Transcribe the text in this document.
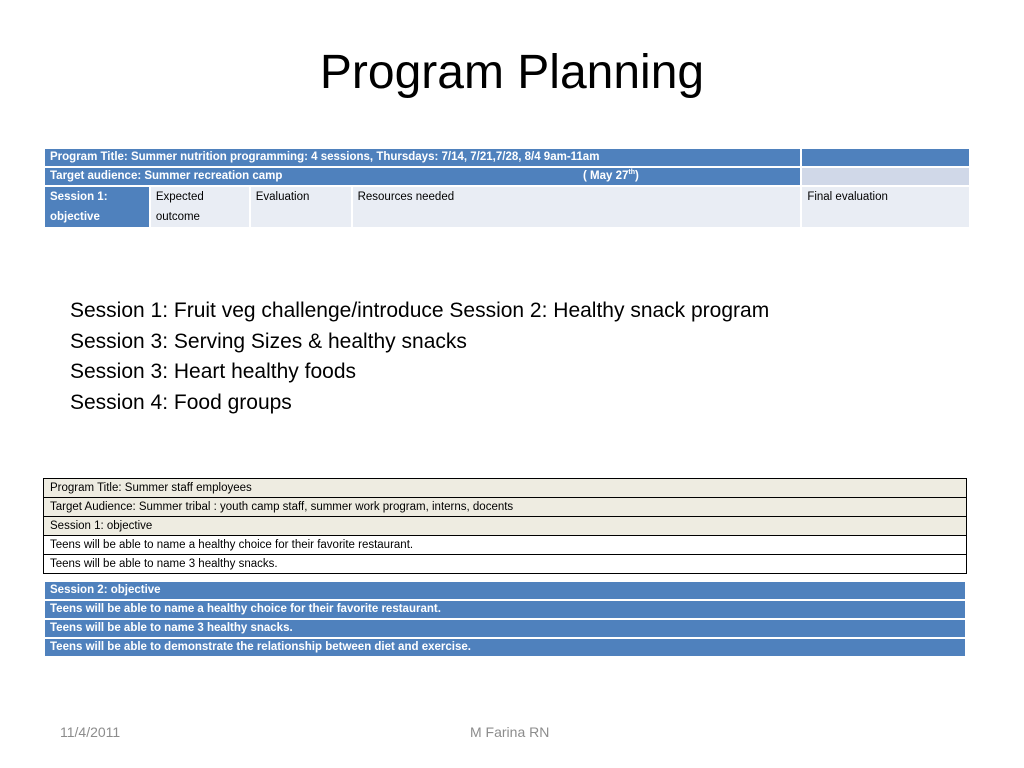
Program Planning
Program Title: Summer nutrition programming: 4 sessions, Thursdays: 7/14, 7/21,7/28, 8/4 9am-11am				
Target audience: Summer recreation camp ( May 27th)				

Session 1: objective	Expected outcome	Evaluation	Resources needed	Final evaluation
Session 1: Fruit veg challenge/introduce Session 2: Healthy snack program
Session 3: Serving Sizes & healthy snacks
Session 3: Heart healthy foods
Session 4: Food groups
Program Title: Summer staff employees
Target Audience: Summer tribal : youth camp staff, summer work program, interns, docents
Session 1: objective
Teens will be able to name a healthy choice for their favorite restaurant.
Teens will be able to name 3 healthy snacks.
Session 2: objective
Teens will be able to name a healthy choice for their favorite restaurant.
Teens will be able to name 3 healthy snacks.
Teens will be able to demonstrate the relationship between diet and exercise.
11/4/2011	M Farina RN
